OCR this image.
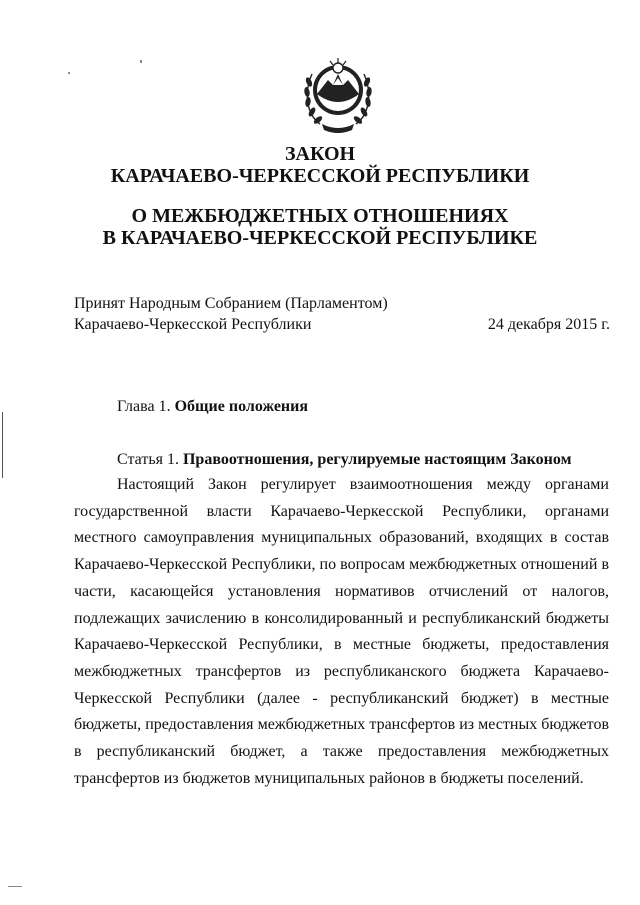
ЗАКОН
КАРАЧАЕВО-ЧЕРКЕССКОЙ РЕСПУБЛИКИ
О МЕЖБЮДЖЕТНЫХ ОТНОШЕНИЯХ
В КАРАЧАЕВО-ЧЕРКЕССКОЙ РЕСПУБЛИКЕ
Принят Народным Собранием (Парламентом)
Карачаево-Черкесской Республики	24 декабря 2015 г.
Глава 1. Общие положения
Статья 1. Правоотношения, регулируемые настоящим Законом
Настоящий Закон регулирует взаимоотношения между органами государственной власти Карачаево-Черкесской Республики, органами местного самоуправления муниципальных образований, входящих в состав Карачаево-Черкесской Республики, по вопросам межбюджетных отношений в части, касающейся установления нормативов отчислений от налогов, подлежащих зачислению в консолидированный и республиканский бюджеты Карачаево-Черкесской Республики, в местные бюджеты, предоставления межбюджетных трансфертов из республиканского бюджета Карачаево-Черкесской Республики (далее - республиканский бюджет) в местные бюджеты, предоставления межбюджетных трансфертов из местных бюджетов в республиканский бюджет, а также предоставления межбюджетных трансфертов из бюджетов муниципальных районов в бюджеты поселений.
